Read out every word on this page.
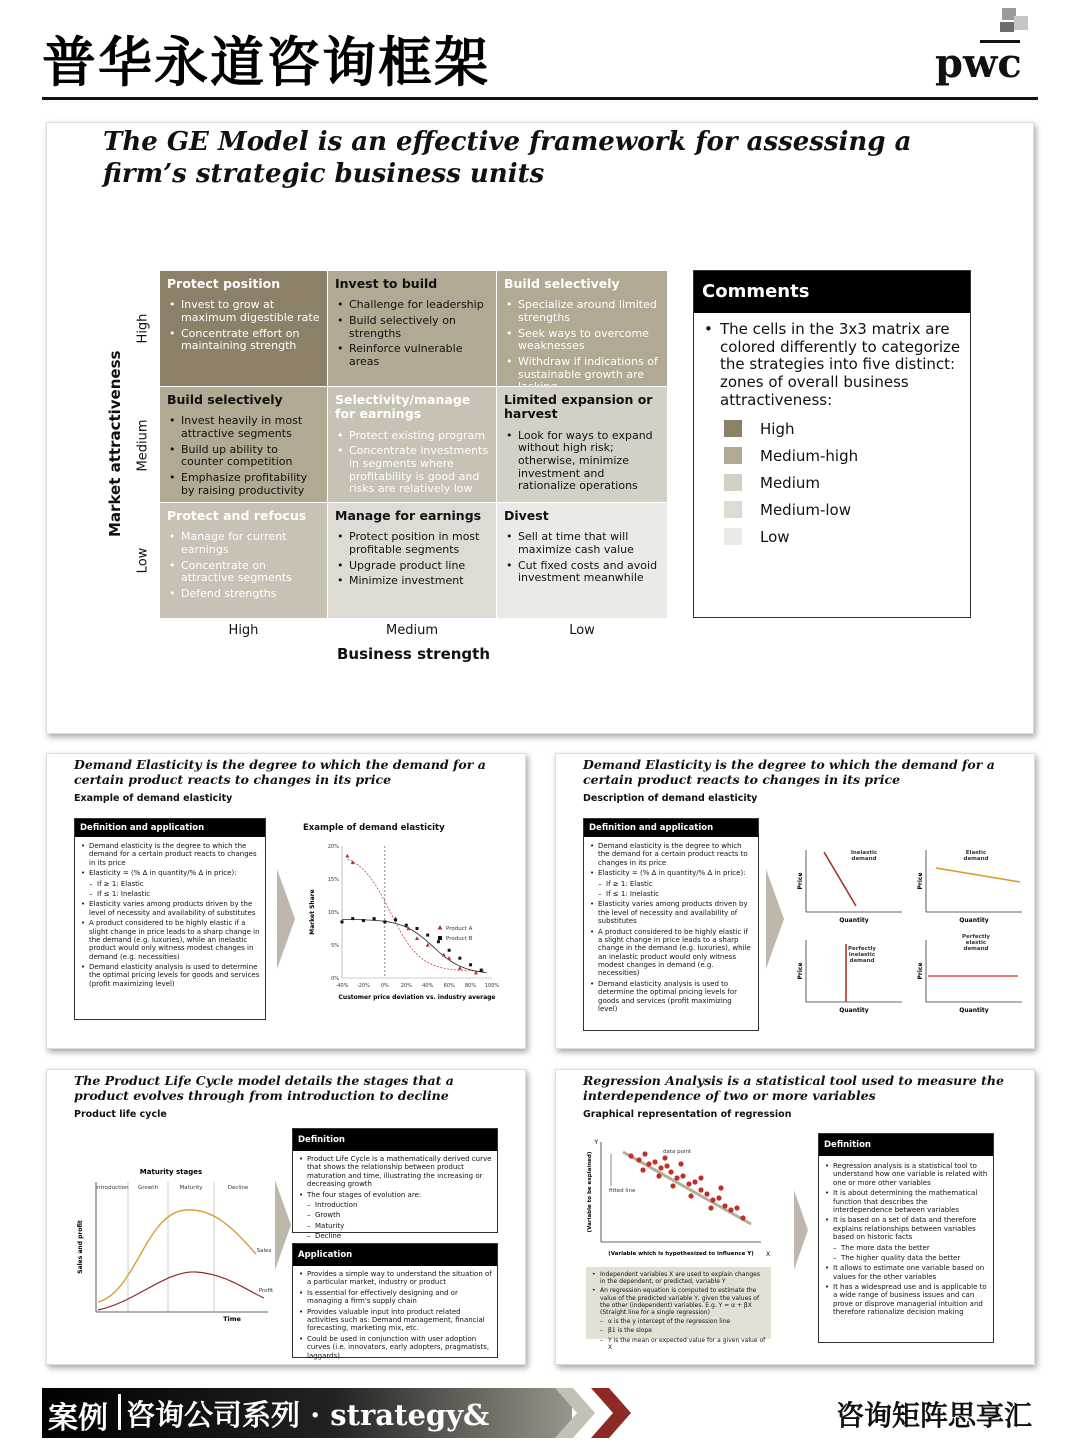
普华永道咨询框架	pwc
The GE Model is an effective framework for assessing a firm’s strategic business units
Market attractiveness
High
Medium
Low
Protect position
• Invest to grow at maximum digestible rate
• Concentrate effort on maintaining strength
Invest to build
• Challenge for leadership
• Build selectively on strengths
• Reinforce vulnerable areas
Build selectively
• Specialize around limited strengths
• Seek ways to overcome weaknesses
• Withdraw if indications of sustainable growth are
Build selectively
• Invest heavily in most attractive segments
• Build up ability to counter competition
• Emphasize profitability by raising productivity
Selectivity/manage for earnings
• Protect existing program
• Concentrate investments in segments where profitability is good and risks are relatively low
Limited expansion or harvest
• Look for ways to expand without high risk; otherwise, minimize investment and rationalize operations
Protect and refocus
• Manage for current earnings
• Concentrate on attractive segments
• Defend strengths
Manage for earnings
• Protect position in most profitable segments
• Upgrade product line
• Minimize investment
Divest
• Sell at time that will maximize cash value
• Cut fixed costs and avoid investment meanwhile
High	Medium	Low
Business strength
Comments
• The cells in the 3x3 matrix are colored differently to categorize the strategies into five distinct: zones of overall business attractiveness:
High
Medium-high
Medium
Medium-low
Low
Demand Elasticity is the degree to which the demand for a certain product reacts to changes in its price
Example of demand elasticity
Definition and application
• Demand elasticity is the degree to which the demand for a certain product reacts to changes in its price
• Elasticity = (% ∆ in quantity/% ∆ in price):
– If ≥ 1: Elastic
– If ≤ 1: Inelastic
• Elasticity varies among products driven by the level of necessity and availability of substitutes
• A product considered to be highly elastic if a slight change in price leads to a sharp change in the demand (e.g. luxuries), while an inelastic product would only witness modest changes in demand (e.g. necessities)
• Demand elasticity analysis is used to determine the optimal pricing levels for goods and services (profit maximizing level)
Example of demand elasticity
0%
5%
10%
15%
20%
-40% -20% 0% 20% 40% 60% 80% 100%
Product A
Product B
Market Share
Customer price deviation vs. industry average
Demand Elasticity is the degree to which the demand for a certain product reacts to changes in its price
Description of demand elasticity
Definition and application
• Demand elasticity is the degree to which the demand for a certain product reacts to changes in its price
• Elasticity = (% ∆ in quantity/% ∆ in price):
– If ≥ 1: Elastic
– If ≤ 1: Inelastic
• Elasticity varies among products driven by the level of necessity and availability of substitutes
• A product considered to be highly elastic if a slight change in price leads to a sharp change in the demand (e.g. luxuries), while an inelastic product would only witness modest changes in demand (e.g. necessities)
• Demand elasticity analysis is used to determine the optimal pricing levels for goods and services (profit maximizing level)
Price
Quantity
Inelastic demand
Price
Quantity
Elastic demand
Price
Quantity
Perfectly inelastic demand
Price
Quantity
Perfectly elastic demand
The Product Life Cycle model details the stages that a product evolves through from introduction to decline
Product life cycle
Maturity stages
Introduction Growth	Maturity	Decline
Sales
Profit
Time
Sales and profit
Definition
• Product Life Cycle is a mathematically derived curve that shows the relationship between product maturation and time, illustrating the increasing or decreasing growth
• The four stages of evolution are:
– Introduction
– Growth
– Maturity
– Decline
Application
• Provides a simple way to understand the situation of a particular market, industry or product
• Is essential for effectively designing and or managing a firm's supply chain
• Provides valuable input into product related activities such as: Demand management, financial forecasting, marketing mix, etc.
• Could be used in conjunction with user adoption curves (i.e. innovators, early adopters, pragmatists, laggards)
Regression Analysis is a statistical tool used to measure the interdependence of two or more variables
Graphical representation of regression
Y
X
(Variable which is hypothesized to influence Y)
(Variable to be explained)	data point
fitted line
• Independent variables X are used to explain changes in the dependent, or predicted, variable Y
• An regression equation is computed to estimate the value of the predicted variable Y, given the values of the other (independent) variables. E.g. Y = α + βX (Straight line for a single regression)
– α is the y intercept of the regression line
– β1 is the slope
– Y is the mean or expected value for a given value of X
Definition
• Regression analysis is a statistical tool to understand how one variable is related with one or more other variables
• It is about determining the mathematical function that describes the interdependence between variables
• It is based on a set of data and therefore explains relationships between variables based on historic facts
– The more data the better
– The higher quality data the better
• It allows to estimate one variable based on values for the other variables
• It has a widespread use and is applicable to a wide range of business issues and can prove or disprove managerial intuition and therefore rationalize decision making
案例 咨询公司系列 · strategy&	咨询矩阵思享汇
